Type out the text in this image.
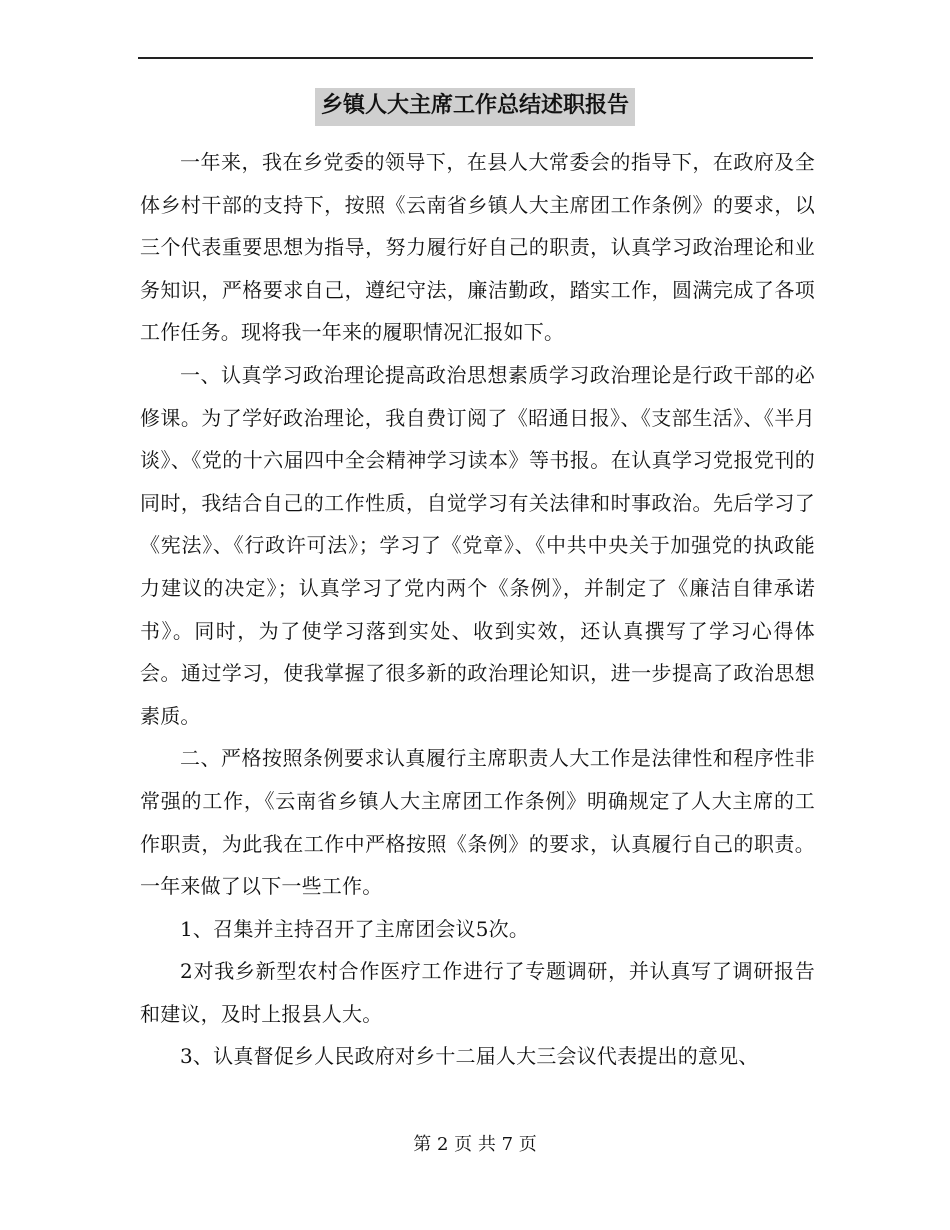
乡镇人大主席工作总结述职报告

一年来，我在乡党委的领导下，在县人大常委会的指导下，在政府及全体乡村干部的支持下，按照《云南省乡镇人大主席团工作条例》的要求，以三个代表重要思想为指导，努力履行好自己的职责，认真学习政治理论和业务知识，严格要求自己，遵纪守法，廉洁勤政，踏实工作，圆满完成了各项工作任务。现将我一年来的履职情况汇报如下。

一、认真学习政治理论提高政治思想素质学习政治理论是行政干部的必修课。为了学好政治理论，我自费订阅了《昭通日报》、《支部生活》、《半月谈》、《党的十六届四中全会精神学习读本》等书报。在认真学习党报党刊的同时，我结合自己的工作性质，自觉学习有关法律和时事政治。先后学习了《宪法》、《行政许可法》；学习了《党章》、《中共中央关于加强党的执政能力建议的决定》；认真学习了党内两个《条例》，并制定了《廉洁自律承诺书》。同时，为了使学习落到实处、收到实效，还认真撰写了学习心得体会。通过学习，使我掌握了很多新的政治理论知识，进一步提高了政治思想素质。

二、严格按照条例要求认真履行主席职责人大工作是法律性和程序性非常强的工作，《云南省乡镇人大主席团工作条例》明确规定了人大主席的工作职责，为此我在工作中严格按照《条例》的要求，认真履行自己的职责。一年来做了以下一些工作。

1、召集并主持召开了主席团会议5次。

2对我乡新型农村合作医疗工作进行了专题调研，并认真写了调研报告和建议，及时上报县人大。

3、认真督促乡人民政府对乡十二届人大三会议代表提出的意见、

第 2 页 共 7 页
